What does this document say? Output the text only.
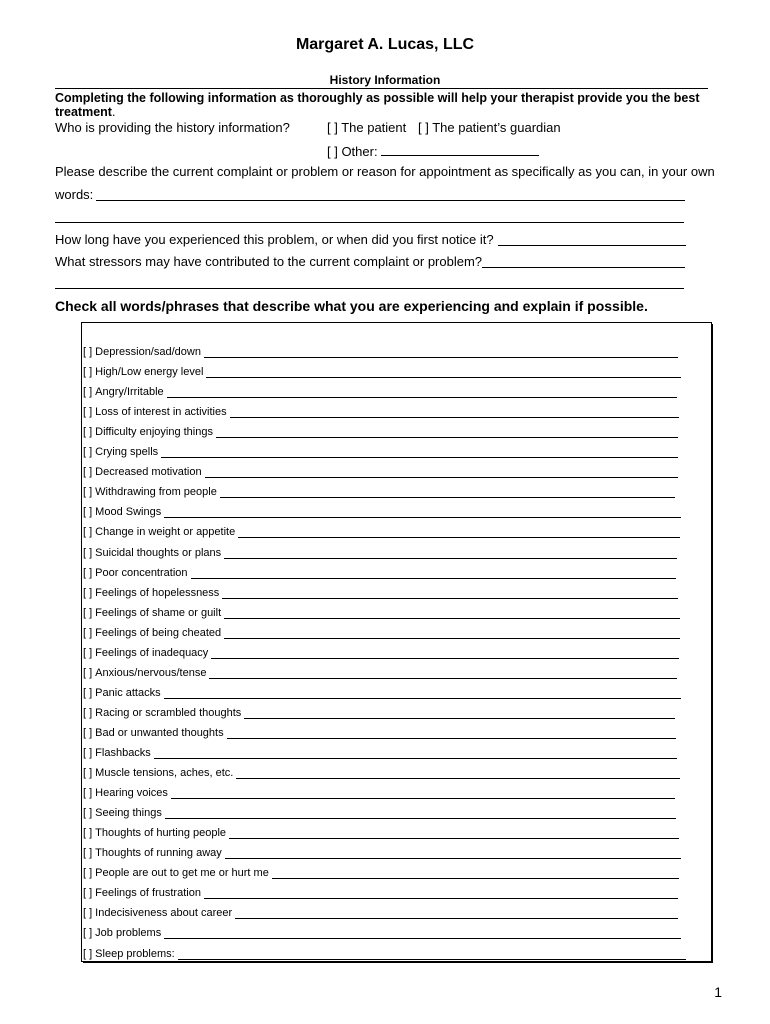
Margaret A. Lucas, LLC
History Information
Completing the following information as thoroughly as possible will help your therapist provide you the best treatment.
Who is providing the history information?	[ ] The patient [ ] The patient’s guardian
[ ] Other:
Please describe the current complaint or problem or reason for appointment as specifically as you can, in your own
words:
How long have you experienced this problem, or when did you first notice it?
What stressors may have contributed to the current complaint or problem?
Check all words/phrases that describe what you are experiencing and explain if possible.
[ ] Depression/sad/down
[ ] High/Low energy level
[ ] Angry/Irritable
[ ] Loss of interest in activities
[ ] Difficulty enjoying things
[ ] Crying spells
[ ] Decreased motivation
[ ] Withdrawing from people
[ ] Mood Swings
[ ] Change in weight or appetite
[ ] Suicidal thoughts or plans
[ ] Poor concentration
[ ] Feelings of hopelessness
[ ] Feelings of shame or guilt
[ ] Feelings of being cheated
[ ] Feelings of inadequacy
[ ] Anxious/nervous/tense
[ ] Panic attacks
[ ] Racing or scrambled thoughts
[ ] Bad or unwanted thoughts
[ ] Flashbacks
[ ] Muscle tensions, aches, etc.
[ ] Hearing voices
[ ] Seeing things
[ ] Thoughts of hurting people
[ ] Thoughts of running away
[ ] People are out to get me or hurt me
[ ] Feelings of frustration
[ ] Indecisiveness about career
[ ] Job problems
[ ] Sleep problems:
1
